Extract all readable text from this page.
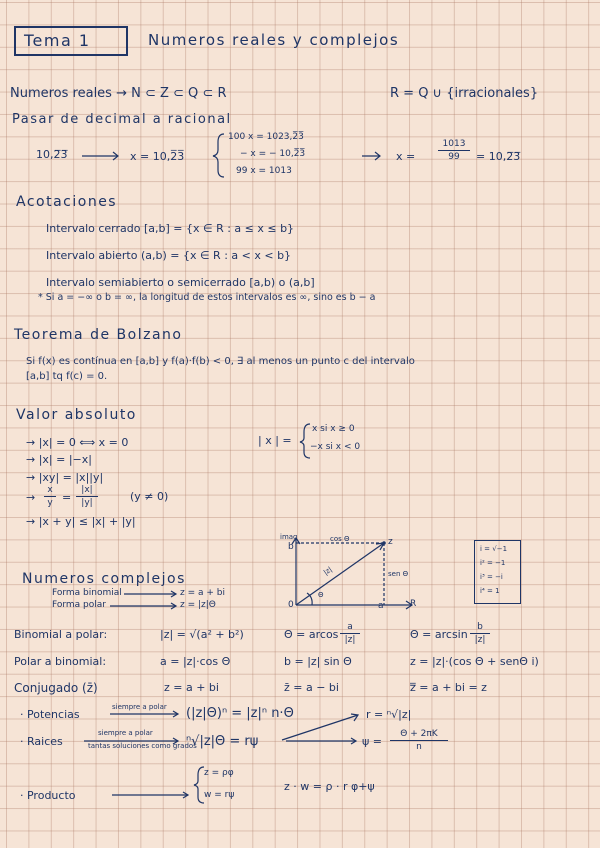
Tema 1	Numeros reales y complejos
Numeros reales → N ⊂ Z ⊂ Q ⊂ R	R = Q ∪ {irracionales}
Pasar de decimal a racional
10,2̅3̅	x = 10,2̅3̅
100 x = 1023,2̅3̅
− x = − 10,2̅3̅
99 x = 1013
x =	$\frac{1013}{99}$ = 10,2̅3̅
Acotaciones
Intervalo cerrado [a,b] = {x ∈ R : a ≤ x ≤ b}
Intervalo abierto (a,b) = {x ∈ R : a < x < b}
Intervalo semiabierto o semicerrado [a,b) o (a,b]
* Si a = −∞ o b = ∞, la longitud de estos intervalos es ∞, sino es b − a
Teorema de Bolzano
Si f(x) es contínua en [a,b] y f(a)·f(b) < 0, ∃ al menos un punto c del intervalo
[a,b] tq f(c) = 0.
Valor absoluto
→ |x| = 0 ⟺ x = 0
→ |x| = |−x|
→ |xy| = |x||y|
→ $\frac{x}{y} = \frac{|x|}{|y|}$	(y ≠ 0)
→ |x + y| ≤ |x| + |y|
| x | =
x si x ≥ 0
−x si x < 0
imag
b
a
0
z
R
cos Θ
sen Θ
|z|
Θ
i = √−1
i² = −1
i³ = −i
i⁴ = 1
Numeros complejos
Forma binomial	z = a + bi
Forma polar	z = |z|Θ
Binomial a polar:	|z| = √(a² + b²)	Θ = arcos $\frac{a}{|z|}$	$\Theta = \arcsin \frac{b}{|z|}$
Polar a binomial:	a = |z|·cos Θ	b = |z| sin Θ	z = |z|·(cos Θ + senΘ i)
Conjugado (z̄)	z = a + bi	z̄ = a − bi	z̿ = a + bi = z
· Potencias
siempre a polar (|z|Θ)ⁿ = |z|ⁿ n·Θ	r = ⁿ√|z|
· Raices
siempre a polar
tantas soluciones como grados
ⁿ√|z|Θ = rψ	$\psi = \frac{\Theta + 2\pi K}{n}$
· Producto
z = ρφ
w = rψ
z · w = ρ · r φ+ψ
